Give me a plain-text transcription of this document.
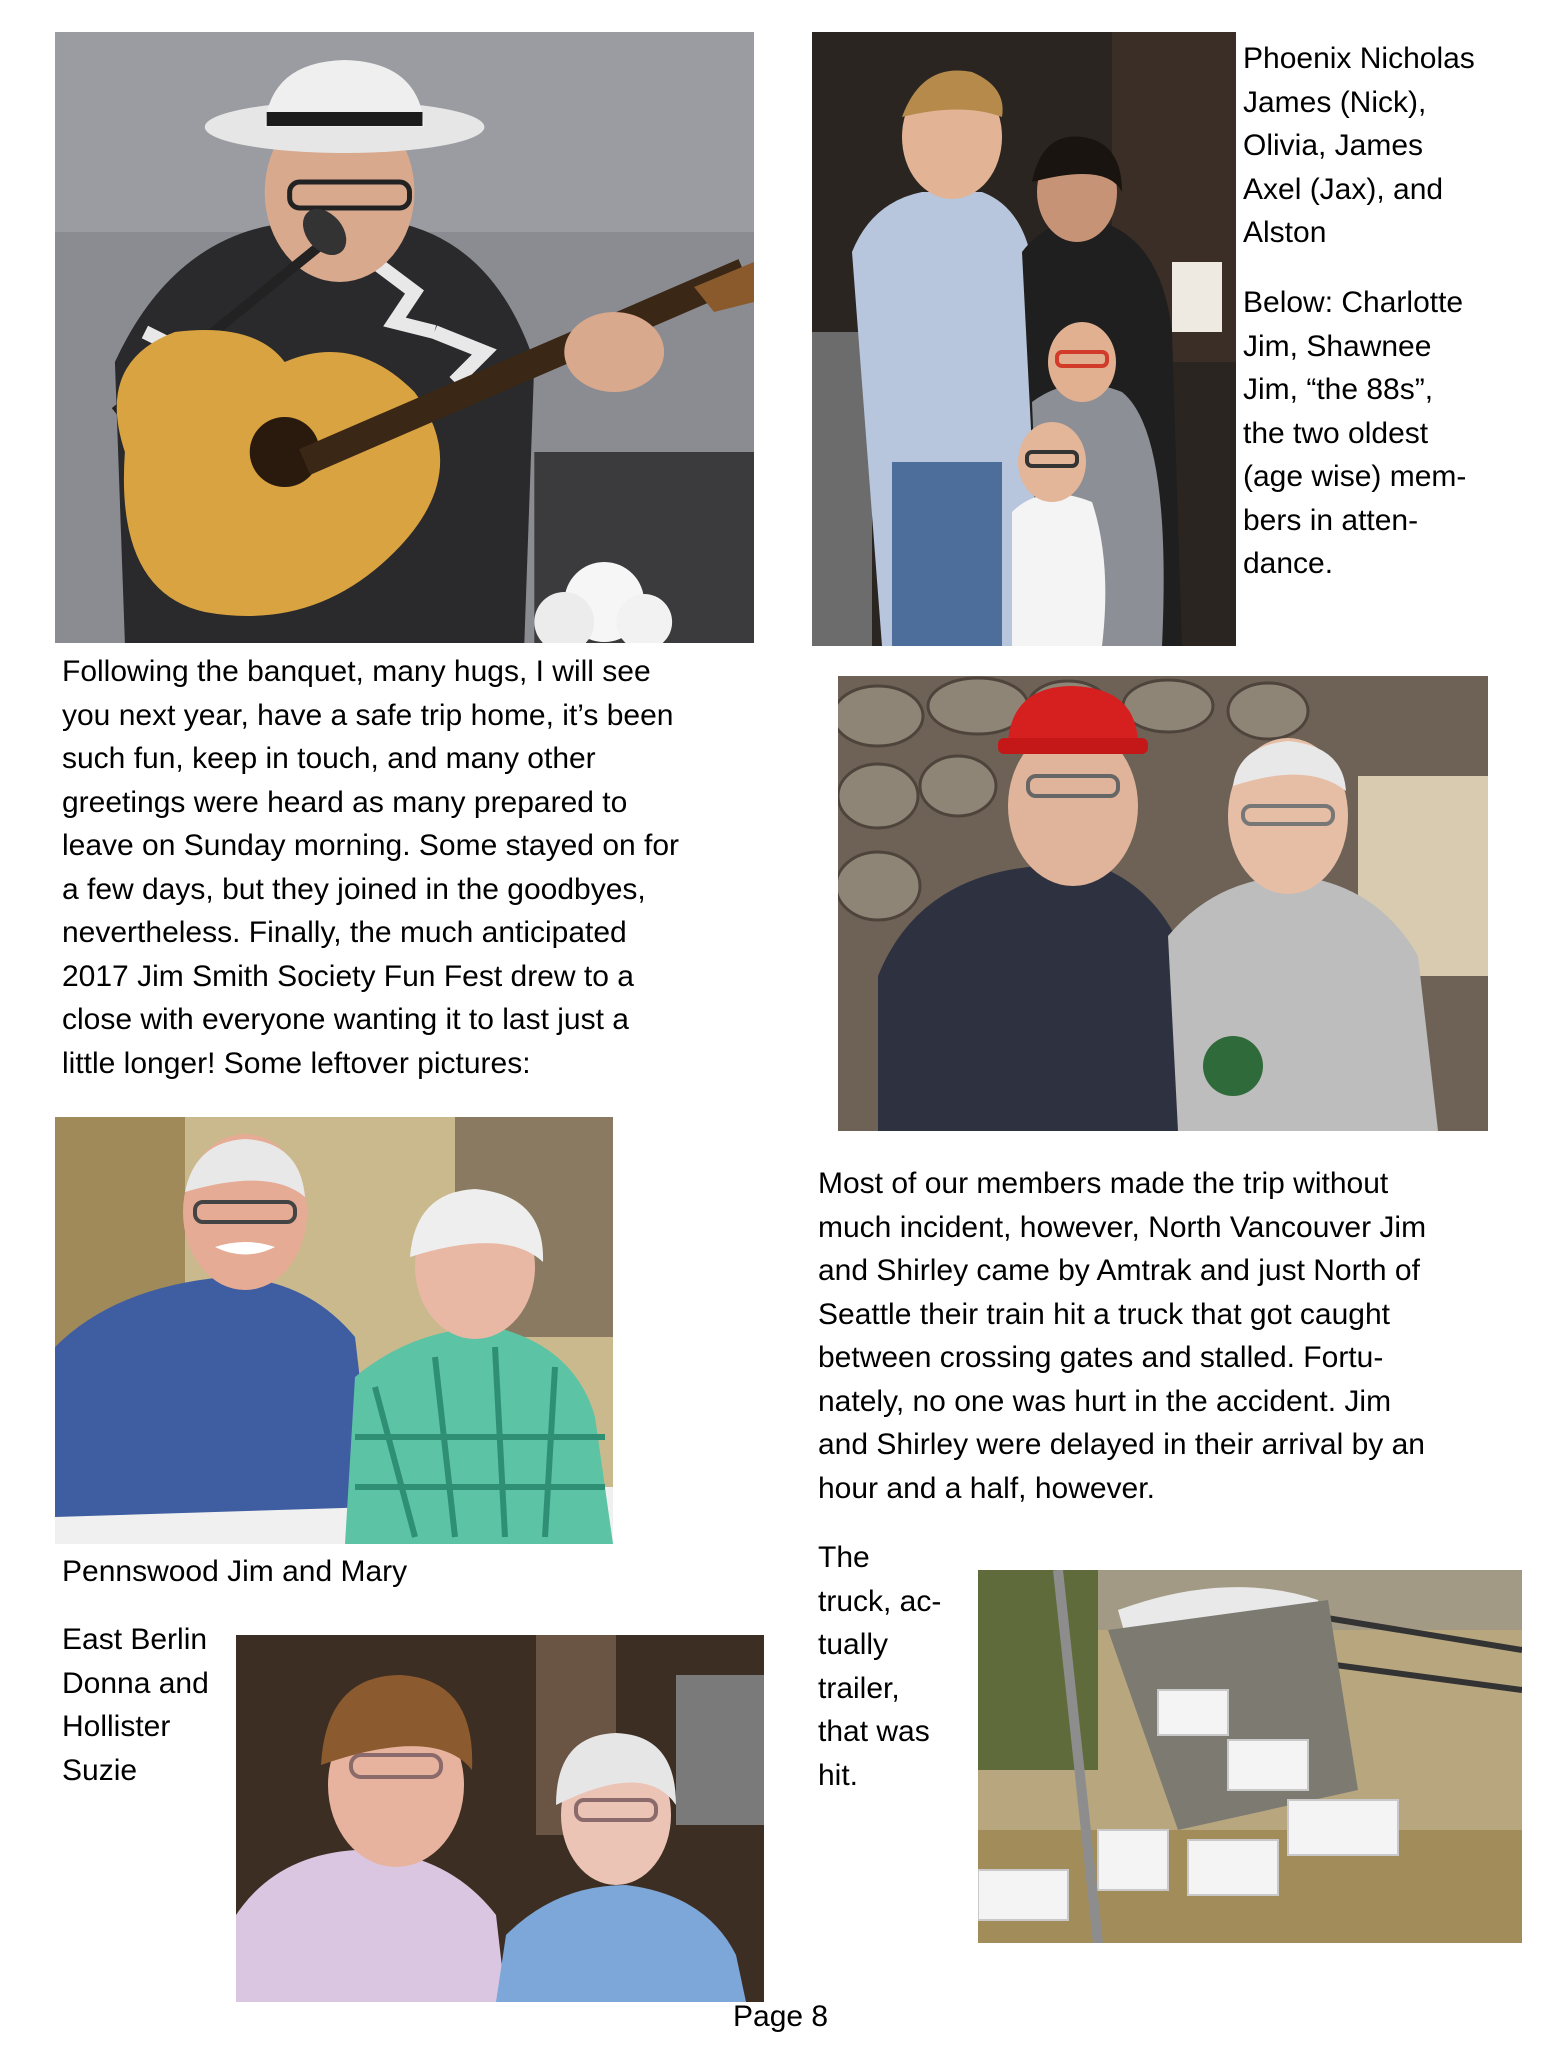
Phoenix Nicholas
James (Nick),
Olivia, James
Axel (Jax), and
Alston
Below: Charlotte
Jim, Shawnee
Jim, “the 88s”,
the two oldest
(age wise) mem-
bers in atten-
dance.
Following the banquet, many hugs, I will see
you next year, have a safe trip home, it’s been
such fun, keep in touch, and many other
greetings were heard as many prepared to
leave on Sunday morning. Some stayed on for
a few days, but they joined in the goodbyes,
nevertheless. Finally, the much anticipated
2017 Jim Smith Society Fun Fest drew to a
close with everyone wanting it to last just a
little longer! Some leftover pictures:
Most of our members made the trip without
much incident, however, North Vancouver Jim
and Shirley came by Amtrak and just North of
Seattle their train hit a truck that got caught
between crossing gates and stalled. Fortu-
nately, no one was hurt in the accident. Jim
and Shirley were delayed in their arrival by an
hour and a half, however.
Pennswood Jim and Mary
East Berlin
Donna and
Hollister
Suzie
The
truck, ac-
tually
trailer,
that was
hit.
Page 8
